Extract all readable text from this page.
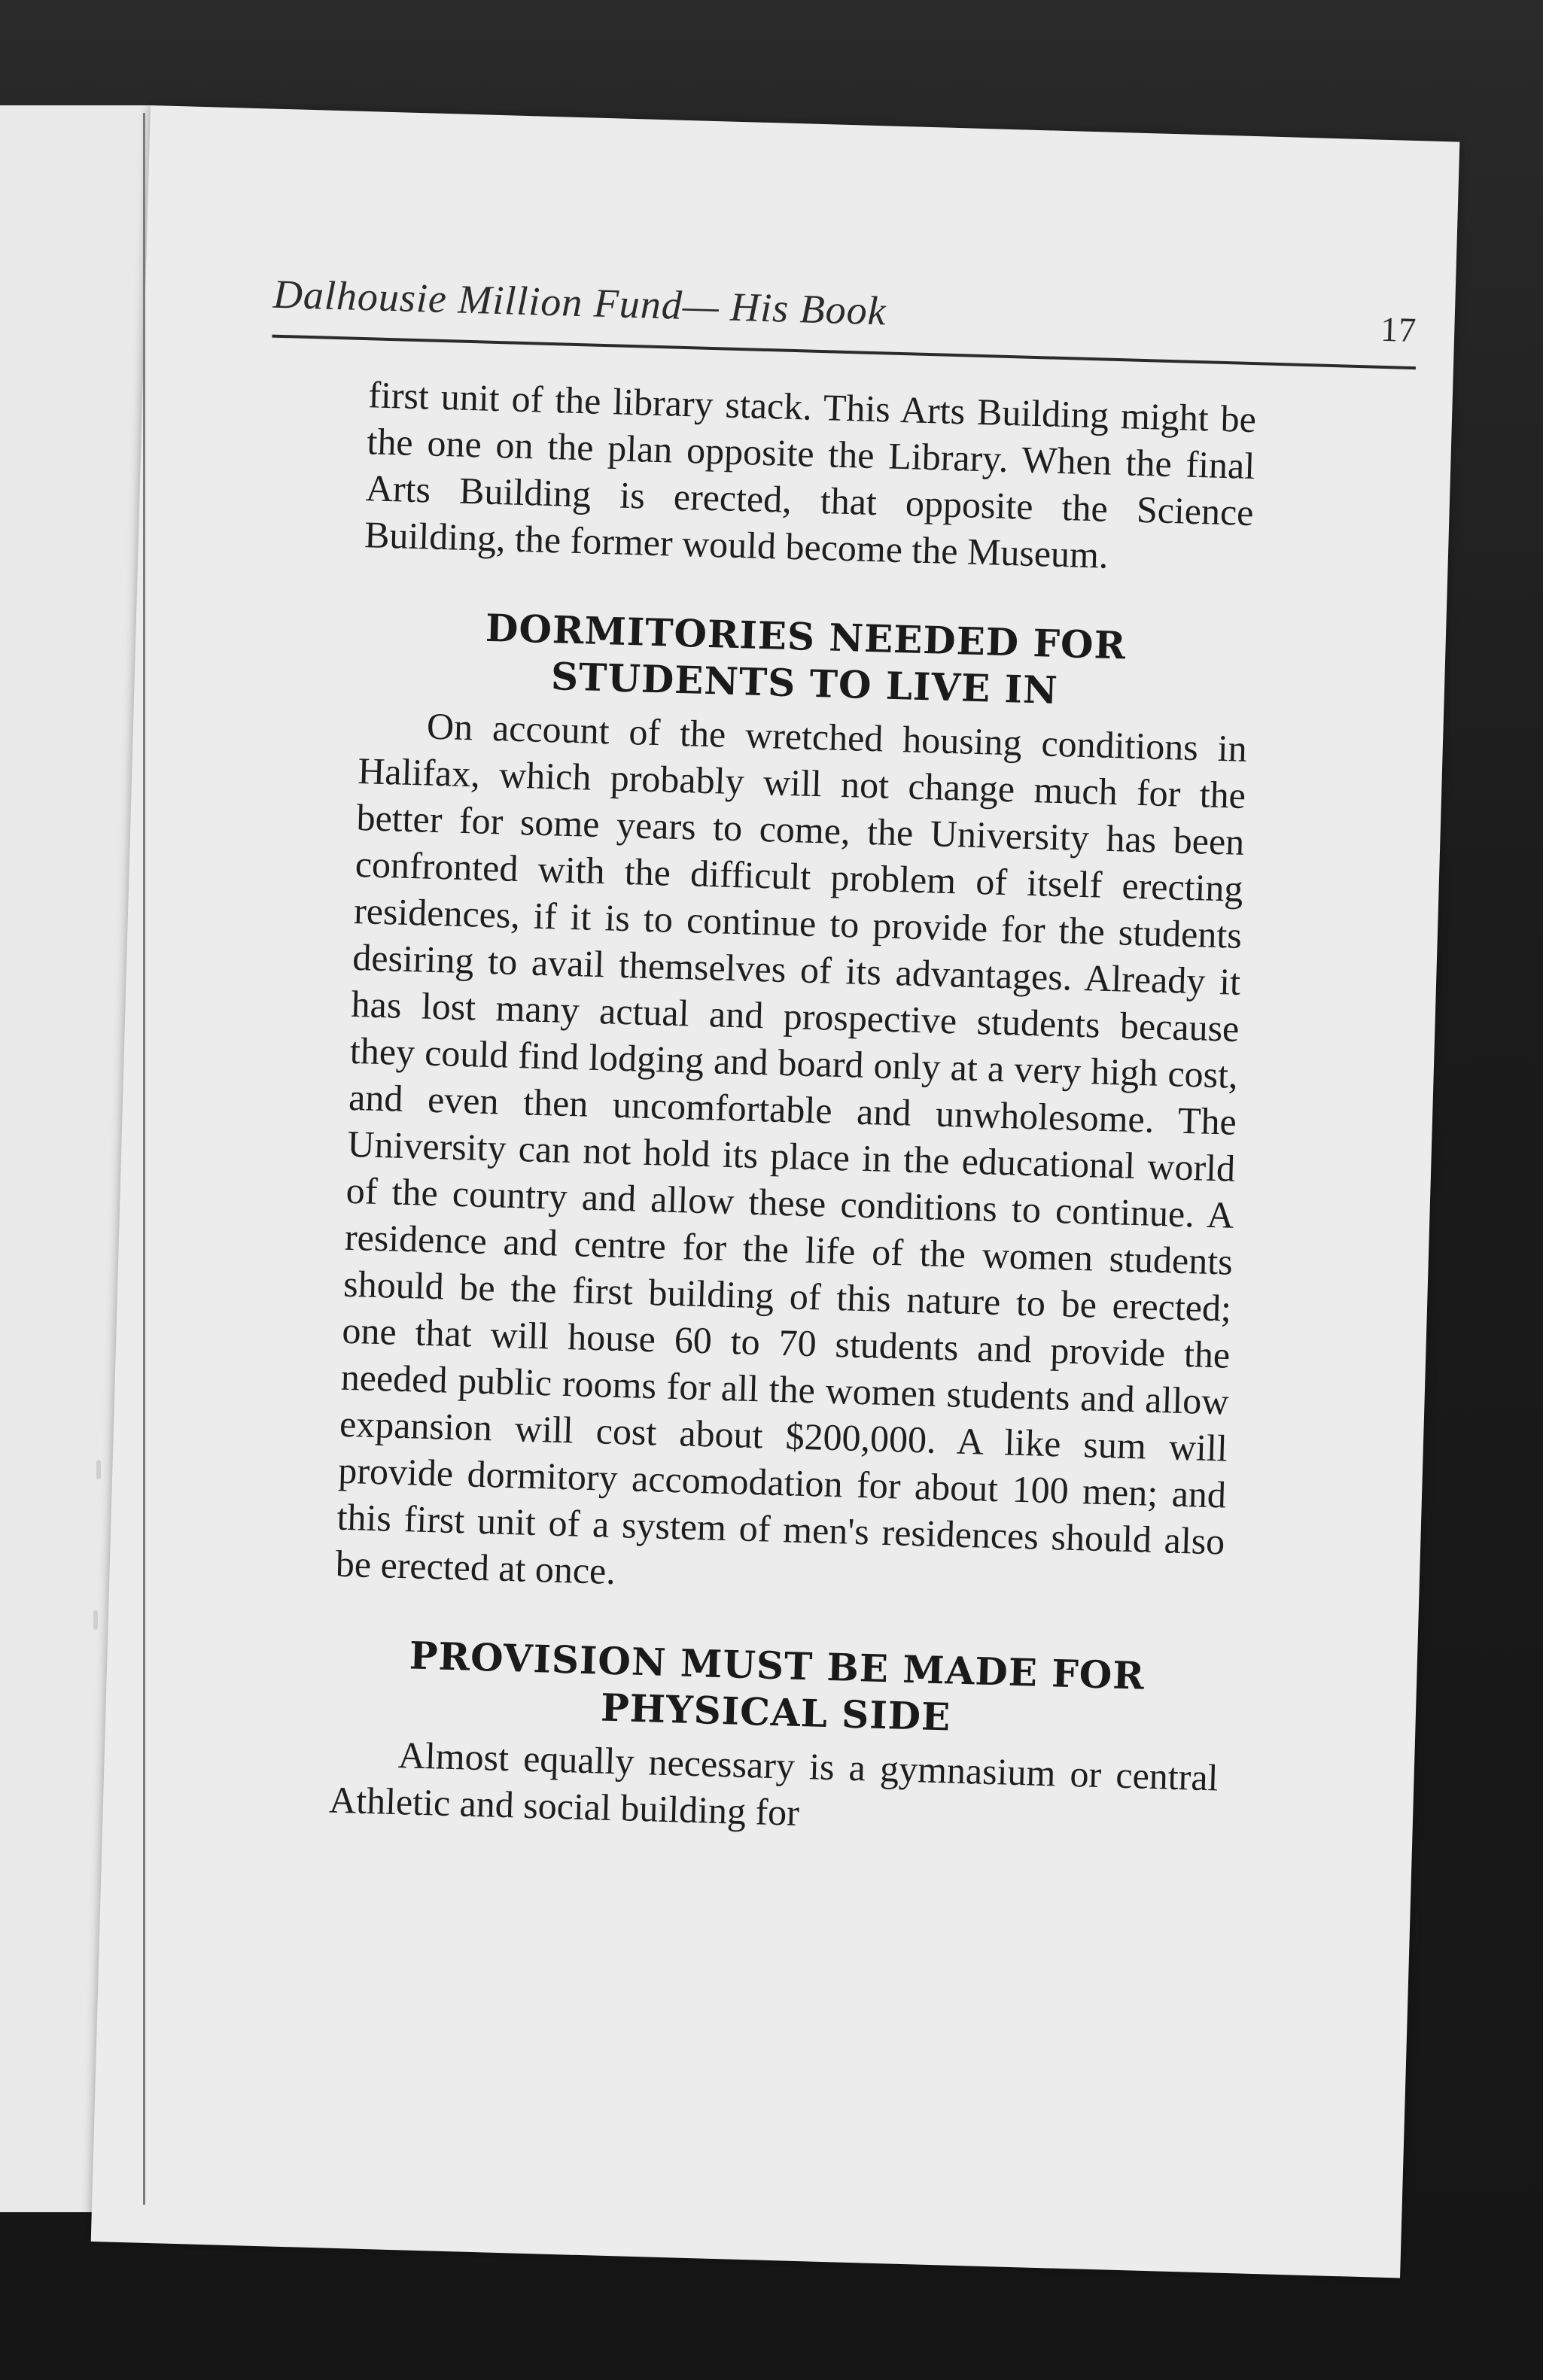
Dalhousie Million Fund— His Book	17

first unit of the library stack. This Arts Building might be the one on the plan opposite the Library. When the final Arts Building is erected, that opposite the Science Building, the former would become the Museum.

DORMITORIES NEEDED FOR STUDENTS TO LIVE IN

On account of the wretched housing conditions in Halifax, which probably will not change much for the better for some years to come, the University has been confronted with the difficult problem of itself erecting residences, if it is to continue to provide for the students desiring to avail themselves of its advantages. Already it has lost many actual and prospective students because they could find lodging and board only at a very high cost, and even then uncomfortable and unwholesome. The University can not hold its place in the educational world of the country and allow these conditions to continue. A residence and centre for the life of the women students should be the first building of this nature to be erected; one that will house 60 to 70 students and provide the needed public rooms for all the women students and allow expansion will cost about $200,000. A like sum will provide dormitory accomodation for about 100 men; and this first unit of a system of men's residences should also be erected at once.

PROVISION MUST BE MADE FOR PHYSICAL SIDE

Almost equally necessary is a gymnasium or central Athletic and social building for
